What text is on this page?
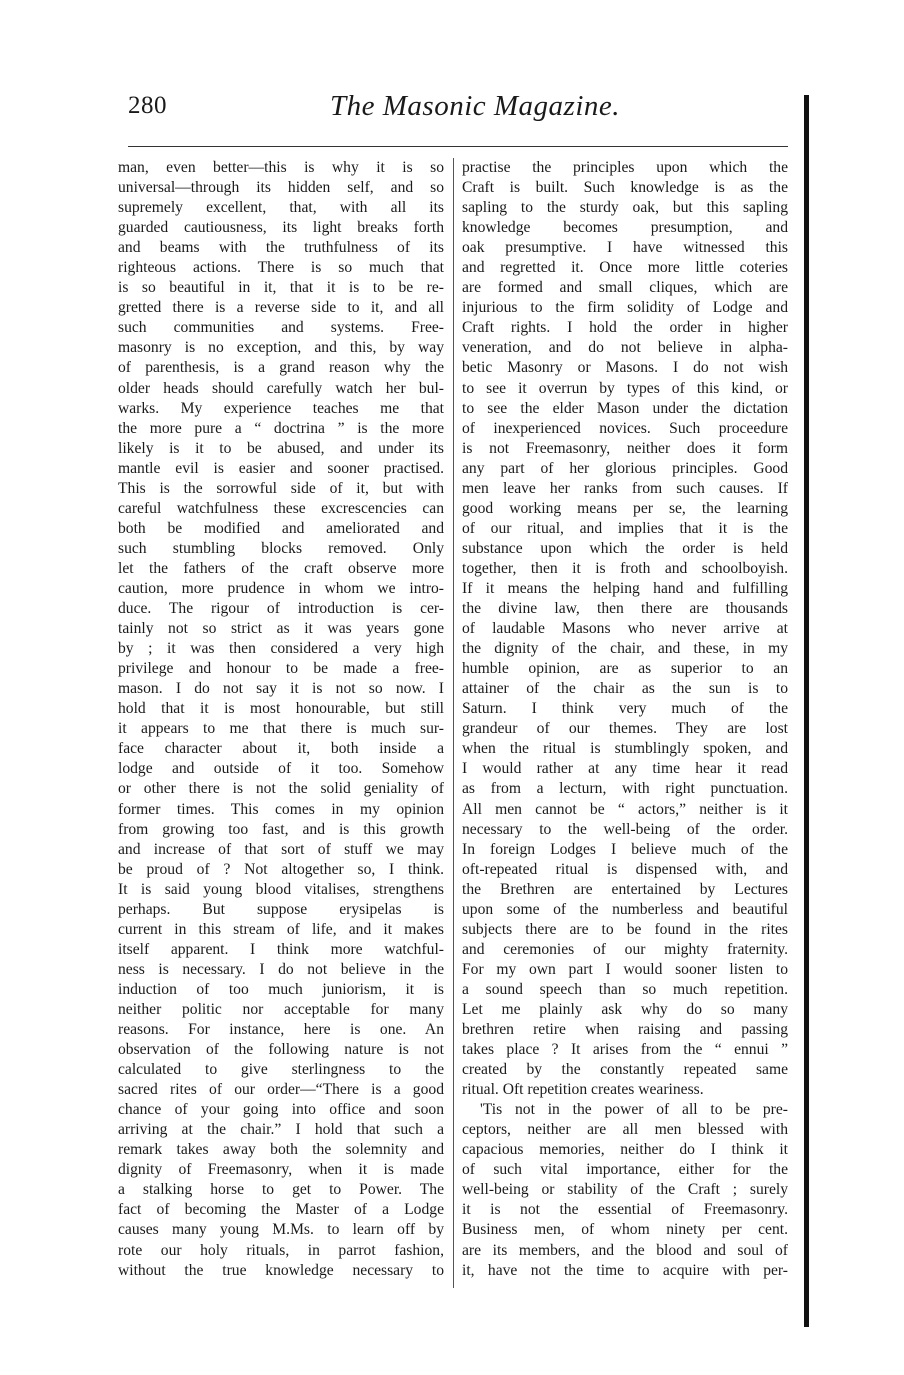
280	The Masonic Magazine.
man, even better—this is why it is so
universal—through its hidden self, and so
supremely excellent, that, with all its
guarded cautiousness, its light breaks forth
and beams with the truthfulness of its
righteous actions. There is so much that
is so beautiful in it, that it is to be re-
gretted there is a reverse side to it, and all
such communities and systems. Free-
masonry is no exception, and this, by way
of parenthesis, is a grand reason why the
older heads should carefully watch her bul-
warks. My experience teaches me that
the more pure a “ doctrina ” is the more
likely is it to be abused, and under its
mantle evil is easier and sooner practised.
This is the sorrowful side of it, but with
careful watchfulness these excrescencies can
both be modified and ameliorated and
such stumbling blocks removed. Only
let the fathers of the craft observe more
caution, more prudence in whom we intro-
duce. The rigour of introduction is cer-
tainly not so strict as it was years gone
by ; it was then considered a very high
privilege and honour to be made a free-
mason. I do not say it is not so now. I
hold that it is most honourable, but still
it appears to me that there is much sur-
face character about it, both inside a
lodge and outside of it too. Somehow
or other there is not the solid geniality of
former times. This comes in my opinion
from growing too fast, and is this growth
and increase of that sort of stuff we may
be proud of ? Not altogether so, I think.
It is said young blood vitalises, strengthens
perhaps. But suppose erysipelas is
current in this stream of life, and it makes
itself apparent. I think more watchful-
ness is necessary. I do not believe in the
induction of too much juniorism, it is
neither politic nor acceptable for many
reasons. For instance, here is one. An
observation of the following nature is not
calculated to give sterlingness to the
sacred rites of our order—“There is a good
chance of your going into office and soon
arriving at the chair.” I hold that such a
remark takes away both the solemnity and
dignity of Freemasonry, when it is made
a stalking horse to get to Power. The
fact of becoming the Master of a Lodge
causes many young M.Ms. to learn off by
rote our holy rituals, in parrot fashion,
without the true knowledge necessary to
practise the principles upon which the
Craft is built. Such knowledge is as the
sapling to the sturdy oak, but this sapling
knowledge becomes presumption, and
oak presumptive. I have witnessed this
and regretted it. Once more little coteries
are formed and small cliques, which are
injurious to the firm solidity of Lodge and
Craft rights. I hold the order in higher
veneration, and do not believe in alpha-
betic Masonry or Masons. I do not wish
to see it overrun by types of this kind, or
to see the elder Mason under the dictation
of inexperienced novices. Such proceedure
is not Freemasonry, neither does it form
any part of her glorious principles. Good
men leave her ranks from such causes. If
good working means per se, the learning
of our ritual, and implies that it is the
substance upon which the order is held
together, then it is froth and schoolboyish.
If it means the helping hand and fulfilling
the divine law, then there are thousands
of laudable Masons who never arrive at
the dignity of the chair, and these, in my
humble opinion, are as superior to an
attainer of the chair as the sun is to
Saturn. I think very much of the
grandeur of our themes. They are lost
when the ritual is stumblingly spoken, and
I would rather at any time hear it read
as from a lecturn, with right punctuation.
All men cannot be “ actors,” neither is it
necessary to the well-being of the order.
In foreign Lodges I believe much of the
oft-repeated ritual is dispensed with, and
the Brethren are entertained by Lectures
upon some of the numberless and beautiful
subjects there are to be found in the rites
and ceremonies of our mighty fraternity.
For my own part I would sooner listen to
a sound speech than so much repetition.
Let me plainly ask why do so many
brethren retire when raising and passing
takes place ? It arises from the “ ennui ”
created by the constantly repeated same
ritual. Oft repetition creates weariness.
'Tis not in the power of all to be pre-
ceptors, neither are all men blessed with
capacious memories, neither do I think it
of such vital importance, either for the
well-being or stability of the Craft ; surely
it is not the essential of Freemasonry.
Business men, of whom ninety per cent.
are its members, and the blood and soul of
it, have not the time to acquire with per-
